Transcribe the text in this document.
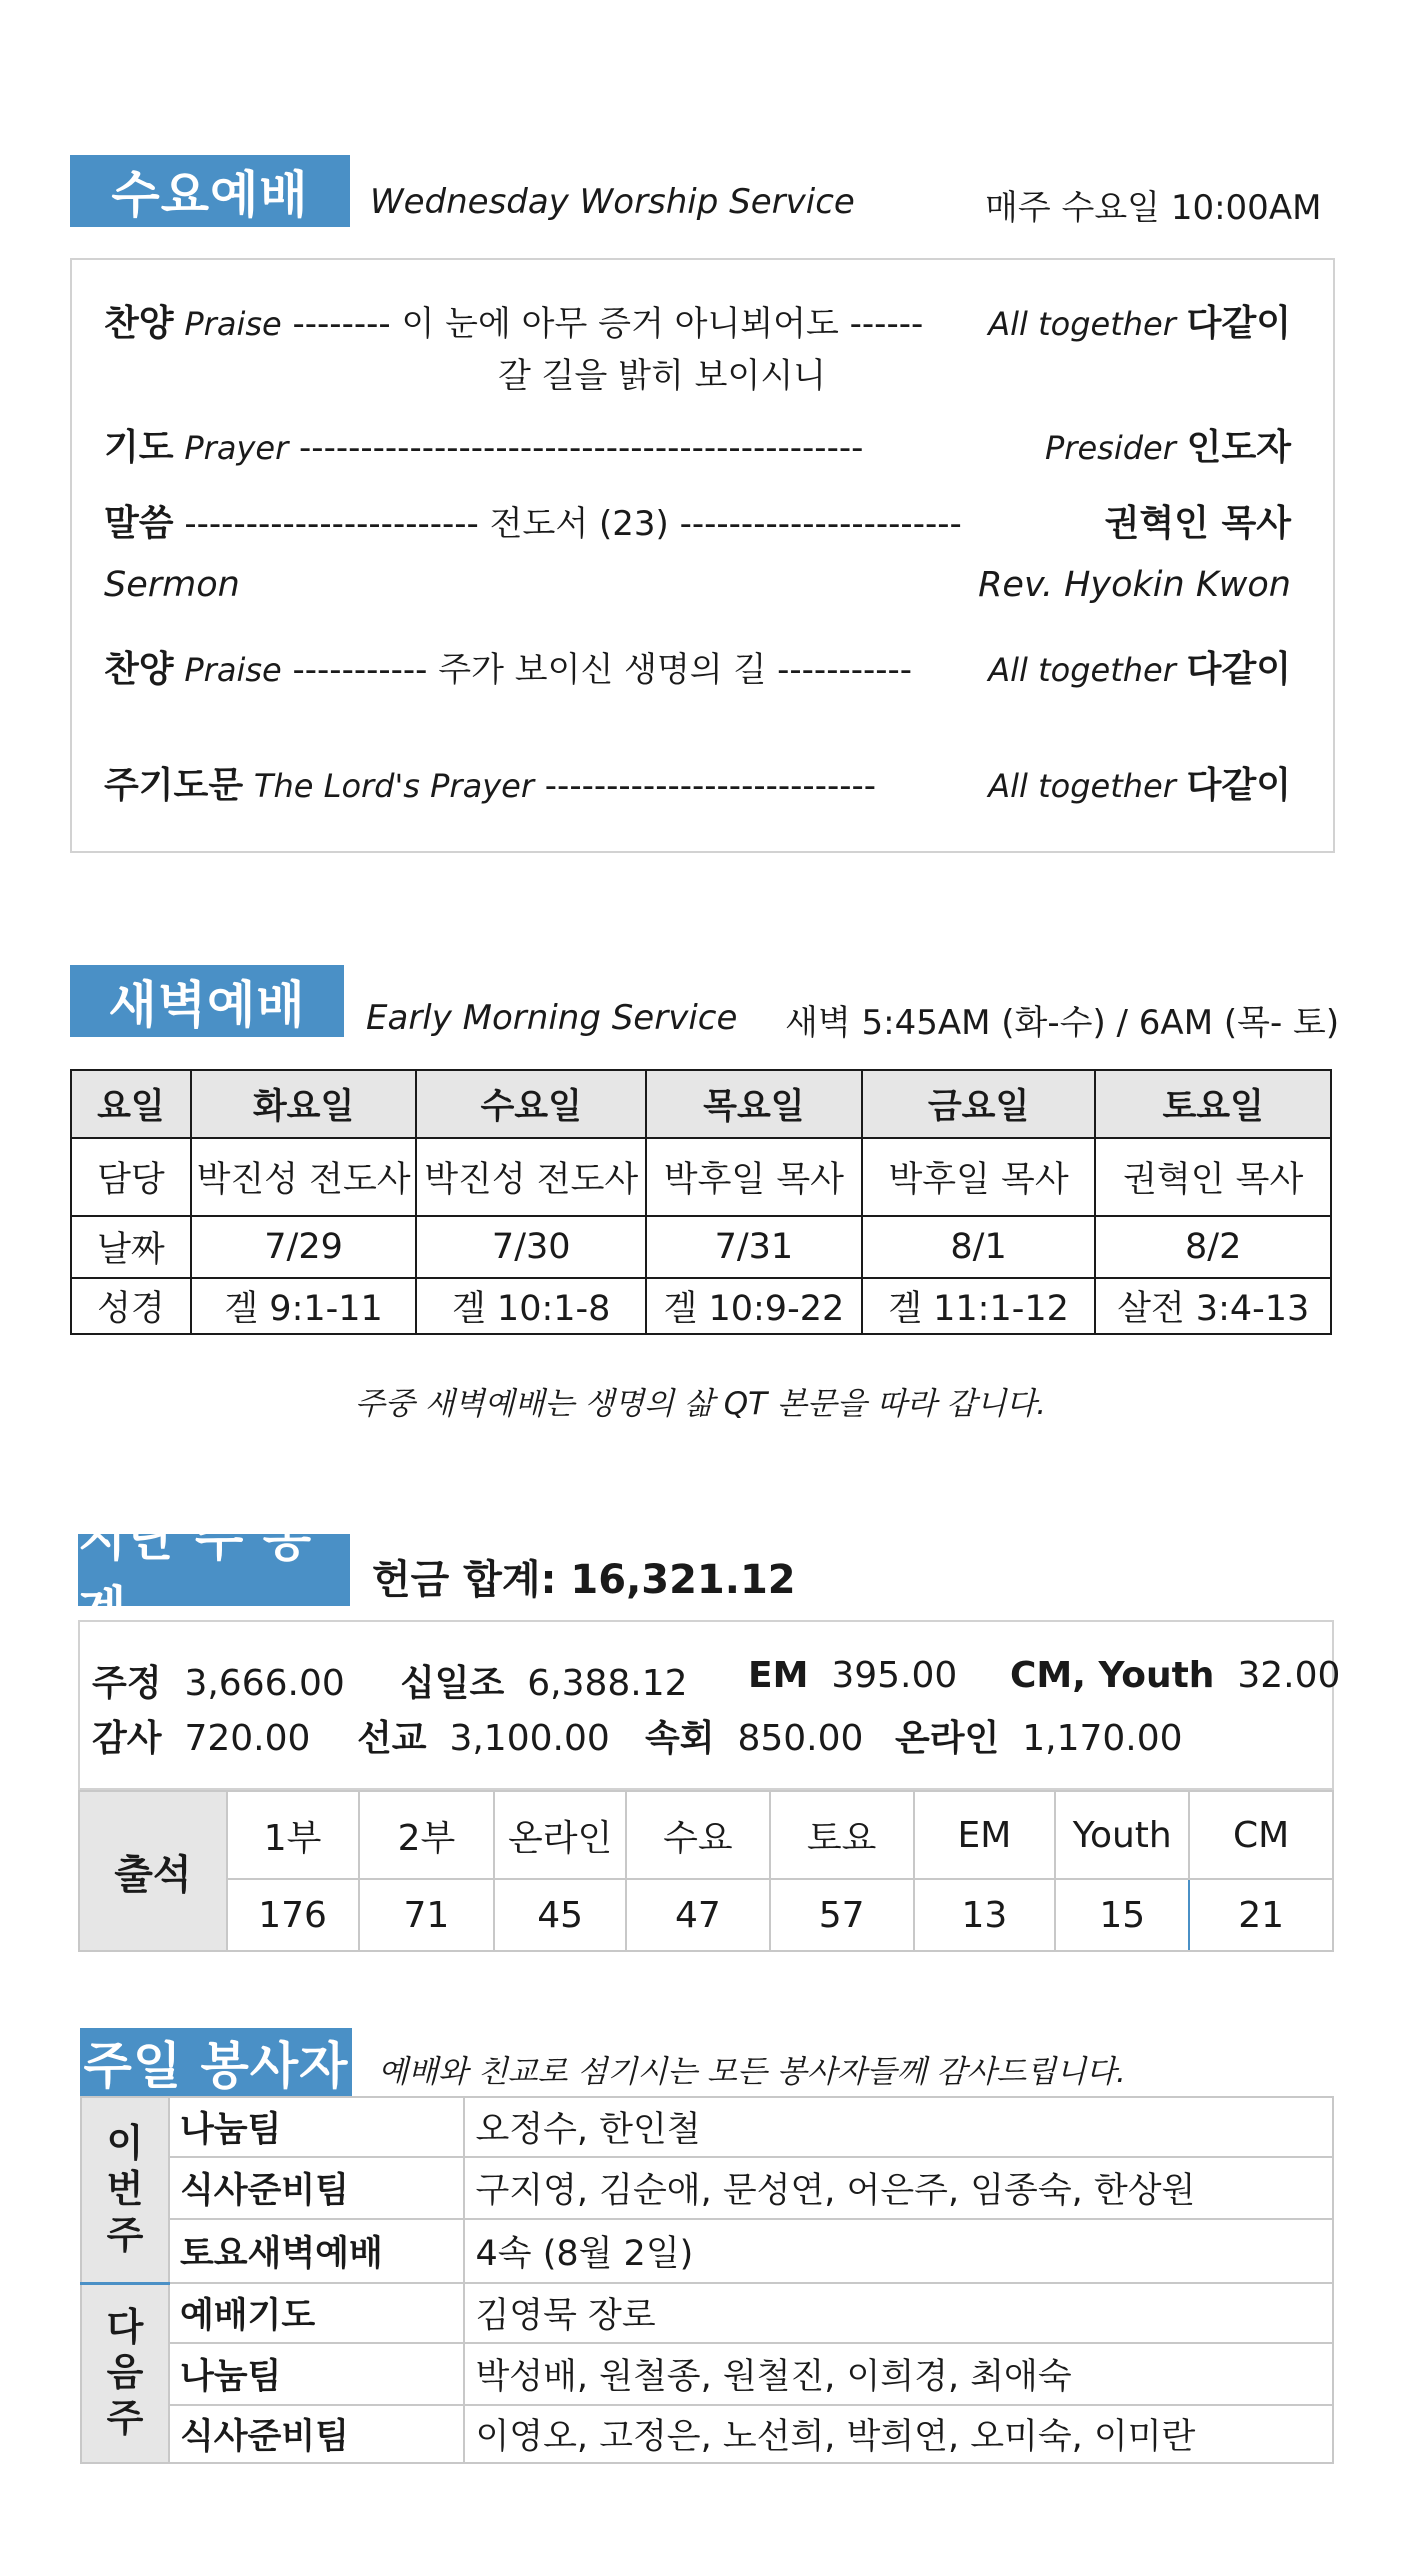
수요예배	Wednesday Worship Service	매주 수요일 10:00AM
찬양 Praise -------- 이 눈에 아무 증거 아니뵈어도 ------ All together 다같이
갈 길을 밝히 보이시니
기도 Prayer ----------------------------------------------	Presider 인도자
말씀 ------------------------ 전도서 (23) -----------------------	권혁인 목사
Sermon	Rev. Hyokin Kwon
찬양 Praise ----------- 주가 보이신 생명의 길 ----------- All together 다같이
주기도문 The Lord's Prayer ---------------------------	All together 다같이
새벽예배	Early Morning Service 새벽 5:45AM (화-수) / 6AM (목- 토)
요일	화요일	수요일	목요일	금요일	토요일
담당	박진성 전도사	박진성 전도사	박후일 목사	박후일 목사	권혁인 목사
날짜	7/29	7/30	7/31	8/1	8/2
성경	겔 9:1-11	겔 10:1-8	겔 10:9-22	겔 11:1-12	살전 3:4-13
주중 새벽예배는 생명의 삶 QT 본문을 따라 갑니다.
지난 주 통계
헌금 합계: 16,321.12
주정 3,666.00 십일조 6,388.12 EM 395.00 CM, Youth 32.00
감사 720.00 선교 3,100.00 속회 850.00 온라인 1,170.00
출석	1부	2부	온라인	수요	토요	EM	Youth	CM
	176	71	45	47	57	13	15	21
주일 봉사자 예배와 친교로 섬기시는 모든 봉사자들께 감사드립니다.
이번주	나눔팀	오정수, 한인철
	식사준비팀	구지영, 김순애, 문성연, 어은주, 임종숙, 한상원
	토요새벽예배	4속 (8월 2일)
다음주	예배기도	김영묵 장로
	나눔팀	박성배, 원철종, 원철진, 이희경, 최애숙
	식사준비팀	이영오, 고정은, 노선희, 박희연, 오미숙, 이미란
